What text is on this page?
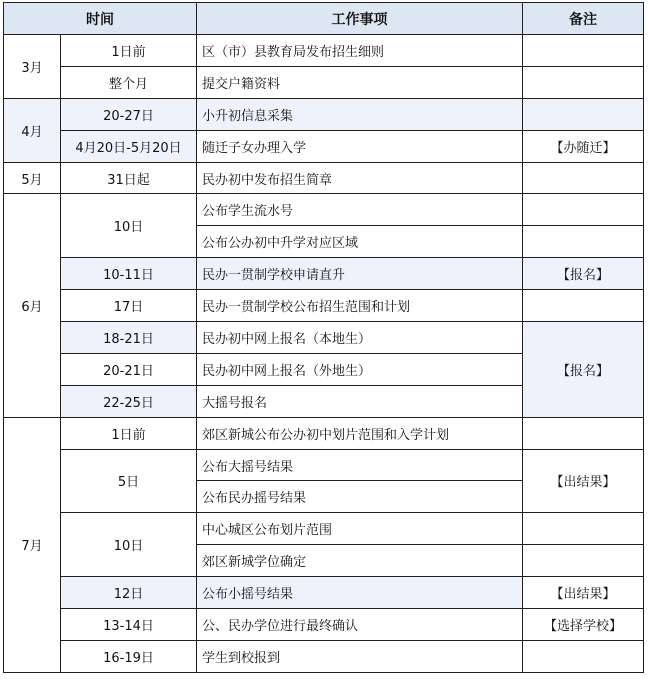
时间		工作事项	备注
3月	1日前	区（市）县教育局发布招生细则	
	整个月	提交户籍资料	
4月	20-27日	小升初信息采集	
	4月20日-5月20日	随迁子女办理入学	【办随迁】
5月	31日起	民办初中发布招生简章	
6月	10日	公布学生流水号	
		公布公办初中升学对应区域	
	10-11日	民办一贯制学校申请直升	【报名】
	17日	民办一贯制学校公布招生范围和计划	
	18-21日	民办初中网上报名（本地生）	【报名】
	20-21日	民办初中网上报名（外地生）	
	22-25日	大摇号报名	
7月	1日前	郊区新城公布公办初中划片范围和入学计划	
	5日	公布大摇号结果	【出结果】
		公布民办摇号结果	
	10日	中心城区公布划片范围	
		郊区新城学位确定	
	12日	公布小摇号结果	【出结果】
	13-14日	公、民办学位进行最终确认	【选择学校】
	16-19日	学生到校报到	
